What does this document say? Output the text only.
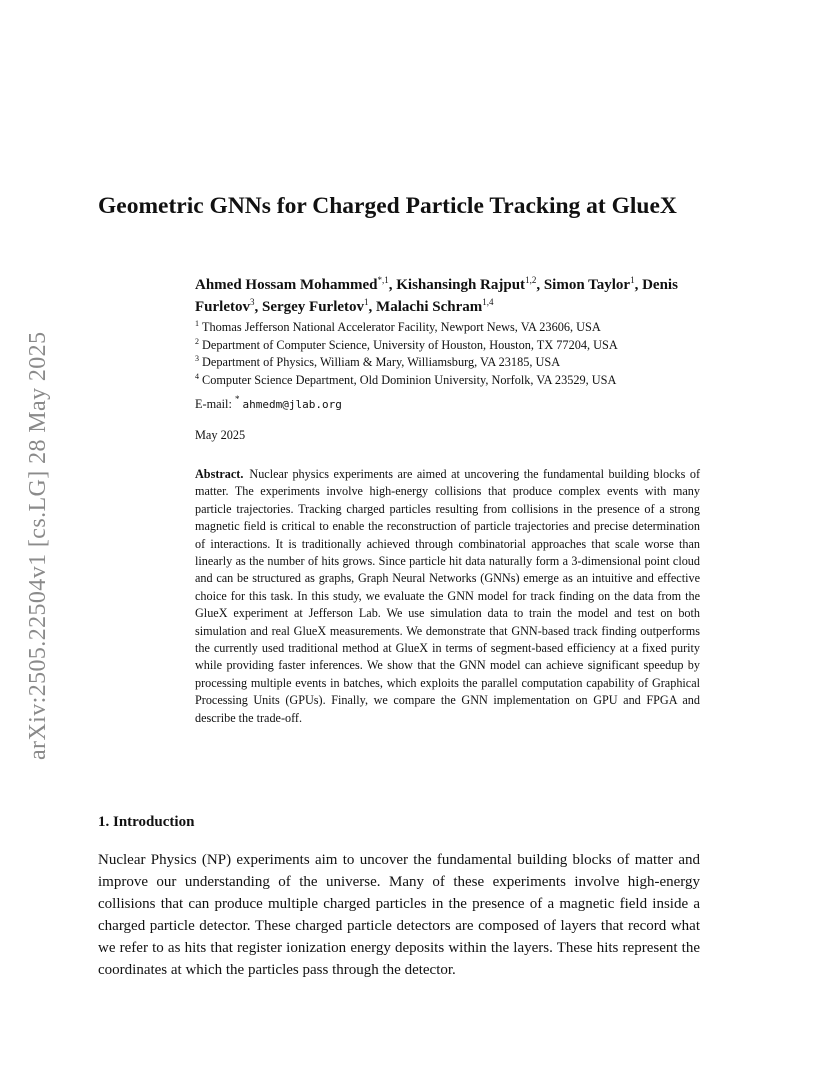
arXiv:2505.22504v1 [cs.LG] 28 May 2025
Geometric GNNs for Charged Particle Tracking at GlueX
Ahmed Hossam Mohammed$^{*,1}$, Kishansingh Rajput$^{1,2}$, Simon Taylor$^1$, Denis Furletov$^3$, Sergey Furletov$^1$, Malachi Schram$^{1,4}$
$^1$ Thomas Jefferson National Accelerator Facility, Newport News, VA 23606, USA
$^2$ Department of Computer Science, University of Houston, Houston, TX 77204, USA
$^3$ Department of Physics, William & Mary, Williamsburg, VA 23185, USA
$^4$ Computer Science Department, Old Dominion University, Norfolk, VA 23529, USA
E-mail: * ahmedm@jlab.org
May 2025

Abstract. Nuclear physics experiments are aimed at uncovering the fundamental building blocks of matter. The experiments involve high-energy collisions that produce complex events with many particle trajectories. Tracking charged particles resulting from collisions in the presence of a strong magnetic field is critical to enable the reconstruction of particle trajectories and precise determination of interactions. It is traditionally achieved through combinatorial approaches that scale worse than linearly as the number of hits grows. Since particle hit data naturally form a 3-dimensional point cloud and can be structured as graphs, Graph Neural Networks (GNNs) emerge as an intuitive and effective choice for this task. In this study, we evaluate the GNN model for track finding on the data from the GlueX experiment at Jefferson Lab. We use simulation data to train the model and test on both simulation and real GlueX measurements. We demonstrate that GNN-based track finding outperforms the currently used traditional method at GlueX in terms of segment-based efficiency at a fixed purity while providing faster inferences. We show that the GNN model can achieve significant speedup by processing multiple events in batches, which exploits the parallel computation capability of Graphical Processing Units (GPUs). Finally, we compare the GNN implementation on GPU and FPGA and describe the trade-off.

1. Introduction

Nuclear Physics (NP) experiments aim to uncover the fundamental building blocks of matter and improve our understanding of the universe. Many of these experiments involve high-energy collisions that can produce multiple charged particles in the presence of a magnetic field inside a charged particle detector. These charged particle detectors are composed of layers that record what we refer to as hits that register ionization energy deposits within the layers. These hits represent the coordinates at which the particles pass through the detector.
